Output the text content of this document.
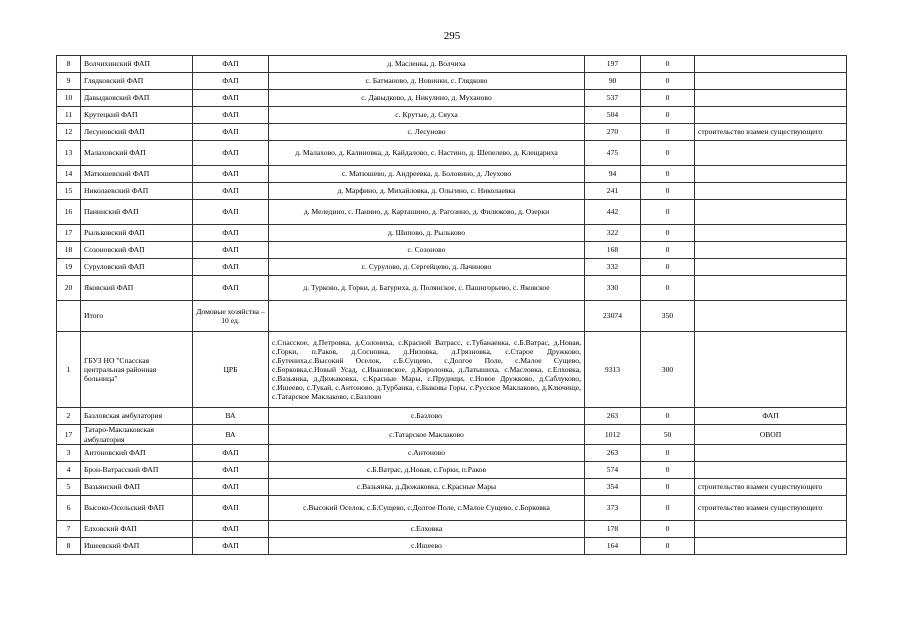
295
8	Волчихинский ФАП	ФАП	д. Масленка, д. Волчиха	197	0	
9	Глядковский ФАП	ФАП	с. Батманово, д. Новинки, с. Глядково	90	0	
10	Давыдковский ФАП	ФАП	с. Давыдково, д. Никулино, д. Муханово	537	0	
11	Крутецкий ФАП	ФАП	с. Крутые, д. Сяуха	504	0	
12	Лесуновский ФАП	ФАП	с. Лесуново	270	0	строительство взамен существующего
13	Малаховский ФАП	ФАП	д. Малахово, д. Калиновка, д. Кайдалово, с. Настино, д. Шепелево, д. Клещариха	475	0	
14	Матюшевский ФАП	ФАП	с. Матюшево, д. Андреевка, д. Боловино, д. Леухово	94	0	
15	Николаевский ФАП	ФАП	д. Марфино, д. Михайловка, д. Ольгино, с. Николаевка	241	0	
16	Панинский ФАП	ФАП	д. Меледино, с. Панино, д. Карташино, д. Рагозино, д. Филюково, д. Озерки	442	0	
17	Рыльковский ФАП	ФАП	д. Шипово, д. Рыльково	322	0	
18	Созоновский ФАП	ФАП	с. Созоново	168	0	
19	Суруловский ФАП	ФАП	с. Сурулово, д. Сергейцево, д. Лачиново	332	0	
20	Яковский ФАП	ФАП	д. Турково, д. Горки, д. Батуриха, д. Полянское, с. Пашнгорьево, с. Яковское	330	0	
	Итого	Домовые хозяйства – 10 ед.		23074	350	
1	ГБУЗ НО "Спасская центральная районная больница"	ЦРБ	с.Спасское, д.Петровка, д.Солониха, с.Красной Ватрасс, с.Тубанаевка, с.Б.Ватрас, д.Новая, с.Горки, п.Раков, д.Сосновка, д.Низовка, д.Грязновка, с.Старое Дружково, с.Бутениха,с.Высокий Оселок, с.Б.Сущево, с.Долгое Поле, с.Малое Сущево, с.Борковка,с.Новый Усад, с.Ивановское, д.Киролонка, д.Латышиха, с.Масловка, с.Елховка, с.Вазьянка, д.Дюжаковка, с.Красные Мары, с.Прудищи, с.Новое Дружково, д.Саблуково, с.Ишеево, с.Тукай, с.Антоново, д.Турбанка, с.Быковы Горы, с.Русское Маклаково, д.Ключище, с.Татарское Маклаково, с.Базлово	9313	300	
2	Базловская амбулатория	ВА	с.Базлово	263	0	ФАП
17	Татаро-Маклаковская амбулатория	ВА	с.Татарское Маклаково	1012	50	ОВОП
3	Антоновский ФАП	ФАП	с.Антоново	263	0	
4	Брон-Ватрасский ФАП	ФАП	с.Б.Ватрас, д.Новая, с.Горки, п.Раков	574	0	
5	Вазьянский ФАП	ФАП	с.Вазьянка, д.Дюжаковка, с.Красные Мары	354	0	строительство взамен существующего
6	Высоко-Осельский ФАП	ФАП	с.Высокий Оселок, с.Б.Сущево, с.Долгое Поле, с.Малое Сущево, с.Борковка	373	0	строительство взамен существующего
7	Елховский ФАП	ФАП	с.Елховка	178	0	
8	Ишеевский ФАП	ФАП	с.Ишеево	164	0	
